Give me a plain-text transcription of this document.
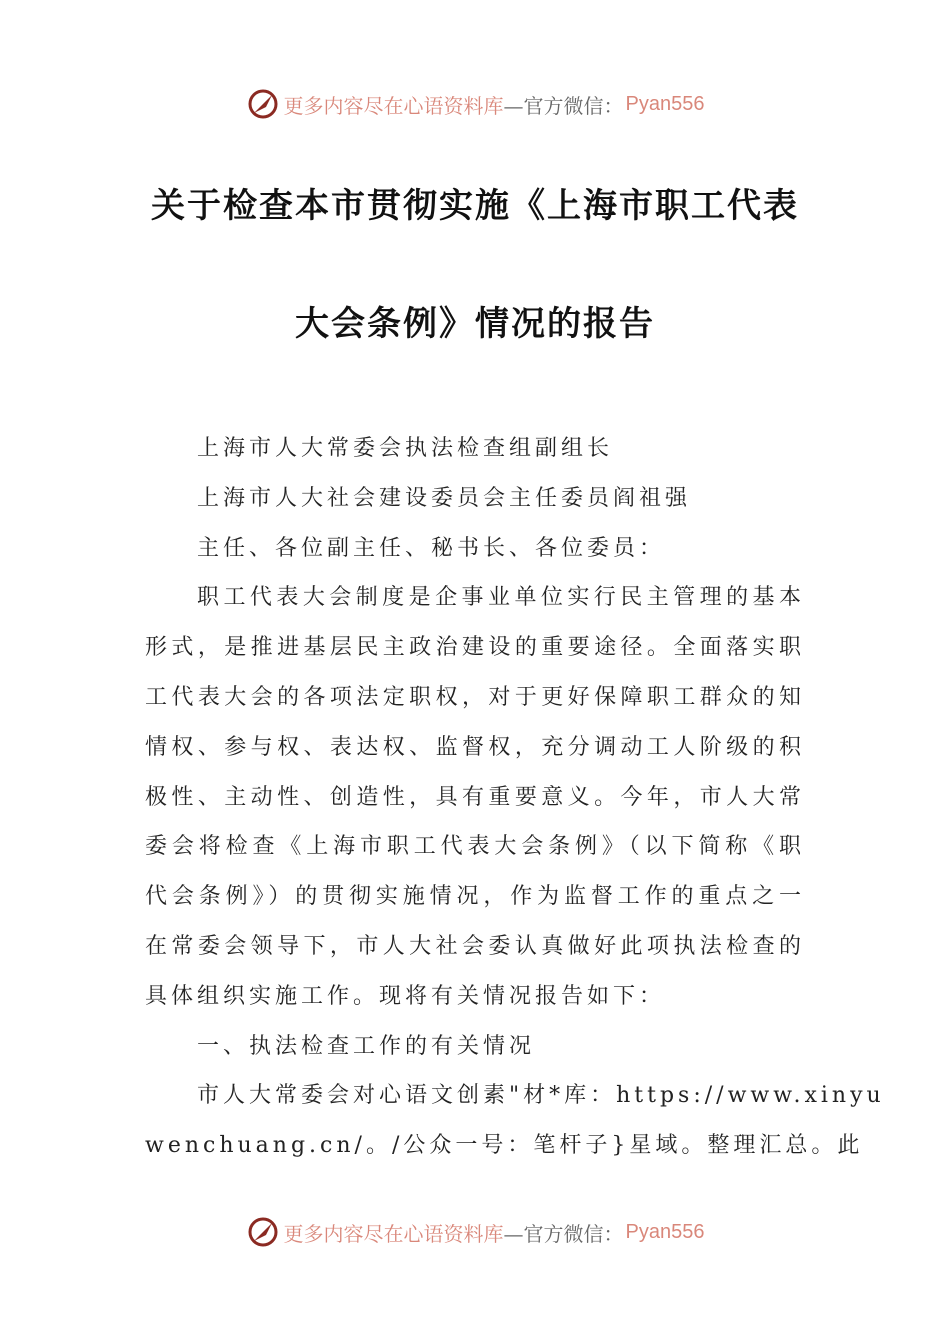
更多内容尽在心语资料库 —官方微信： Pyan556
关于检查本市贯彻实施《上海市职工代表
大会条例》情况的报告
上海市人大常委会执法检查组副组长
上海市人大社会建设委员会主任委员阎祖强
主任、各位副主任、秘书长、各位委员：
职工代表大会制度是企事业单位实行民主管理的基本
形式，是推进基层民主政治建设的重要途径。全面落实职
工代表大会的各项法定职权，对于更好保障职工群众的知
情权、参与权、表达权、监督权，充分调动工人阶级的积
极性、主动性、创造性，具有重要意义。今年，市人大常
委会将检查《上海市职工代表大会条例》（以下简称《职
代会条例》）的贯彻实施情况，作为监督工作的重点之一
在常委会领导下，市人大社会委认真做好此项执法检查的
具体组织实施工作。现将有关情况报告如下：
一、执法检查工作的有关情况
市人大常委会对心语文创素"材*库：https://www.xinyu
wenchuang.cn/。/公众一号：笔杆子}星域。整理汇总。此
更多内容尽在心语资料库 —官方微信： Pyan556
